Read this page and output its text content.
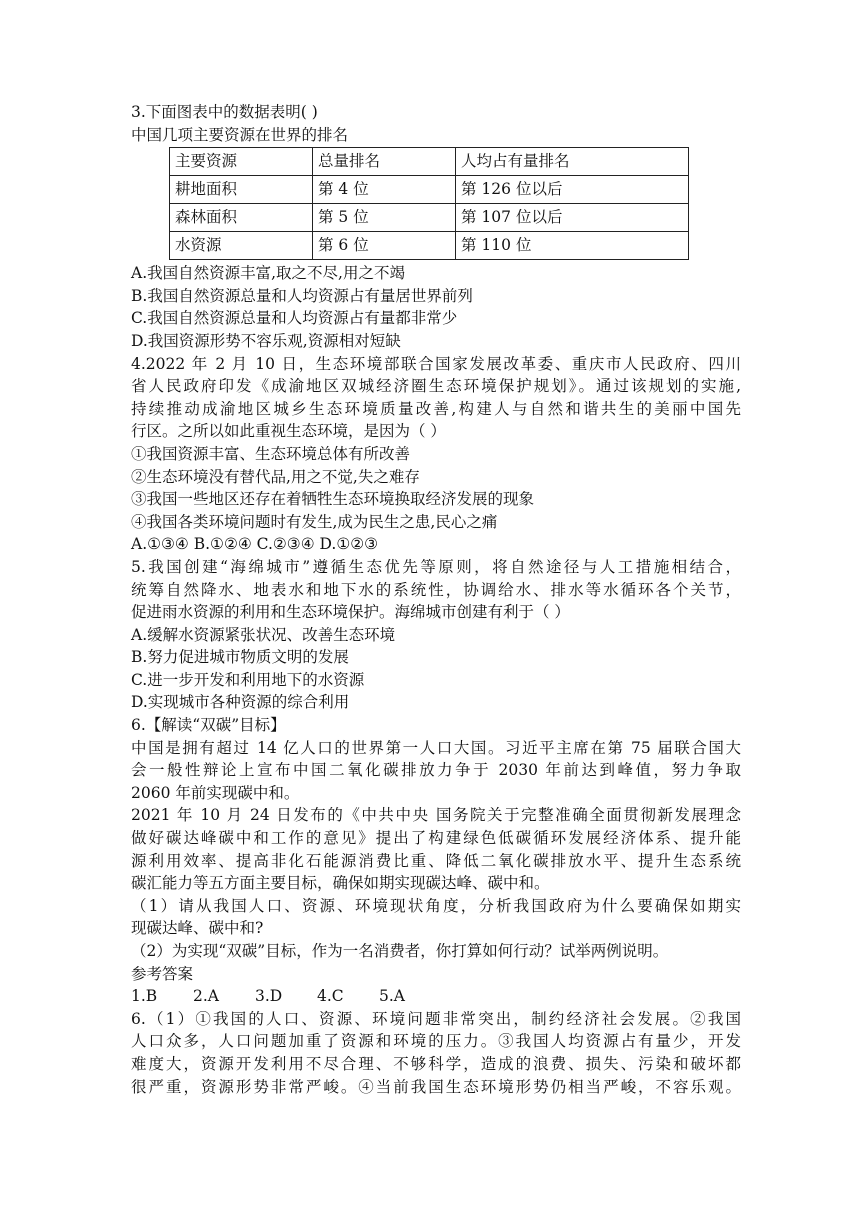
3.下面图表中的数据表明( )
中国几项主要资源在世界的排名
主要资源	总量排名	人均占有量排名
耕地面积	第 4 位	第 126 位以后
森林面积	第 5 位	第 107 位以后
水资源	第 6 位	第 110 位
A.我国自然资源丰富,取之不尽,用之不竭
B.我国自然资源总量和人均资源占有量居世界前列
C.我国自然资源总量和人均资源占有量都非常少
D.我国资源形势不容乐观,资源相对短缺
4.2022 年 2 月 10 日，生态环境部联合国家发展改革委、重庆市人民政府、四川
省人民政府印发《成渝地区双城经济圈生态环境保护规划》。通过该规划的实施,
持续推动成渝地区城乡生态环境质量改善,构建人与自然和谐共生的美丽中国先
行区。之所以如此重视生态环境，是因为（ ）
①我国资源丰富、生态环境总体有所改善
②生态环境没有替代品,用之不觉,失之难存
③我国一些地区还存在着牺牲生态环境换取经济发展的现象
④我国各类环境问题时有发生,成为民生之患,民心之痛
A.①③④ B.①②④ C.②③④ D.①②③
5.我国创建“海绵城市”遵循生态优先等原则，将自然途径与人工措施相结合，
统筹自然降水、地表水和地下水的系统性，协调给水、排水等水循环各个关节，
促进雨水资源的利用和生态环境保护。海绵城市创建有利于（ ）
A.缓解水资源紧张状况、改善生态环境
B.努力促进城市物质文明的发展
C.进一步开发和利用地下的水资源
D.实现城市各种资源的综合利用
6.【解读“双碳”目标】
中国是拥有超过 14 亿人口的世界第一人口大国。习近平主席在第 75 届联合国大
会一般性辩论上宣布中国二氧化碳排放力争于 2030 年前达到峰值，努力争取
2060 年前实现碳中和。
2021 年 10 月 24 日发布的《中共中央 国务院关于完整准确全面贯彻新发展理念
做好碳达峰碳中和工作的意见》提出了构建绿色低碳循环发展经济体系、提升能
源利用效率、提高非化石能源消费比重、降低二氧化碳排放水平、提升生态系统
碳汇能力等五方面主要目标，确保如期实现碳达峰、碳中和。
（1）请从我国人口、资源、环境现状角度，分析我国政府为什么要确保如期实
现碳达峰、碳中和?
（2）为实现“双碳”目标，作为一名消费者，你打算如何行动？试举两例说明。
参考答案
1.B 2.A 3.D 4.C 5.A
6.（1）①我国的人口、资源、环境问题非常突出，制约经济社会发展。②我国
人口众多，人口问题加重了资源和环境的压力。③我国人均资源占有量少，开发
难度大，资源开发利用不尽合理、不够科学，造成的浪费、损失、污染和破坏都
很严重，资源形势非常严峻。④当前我国生态环境形势仍相当严峻，不容乐观。
